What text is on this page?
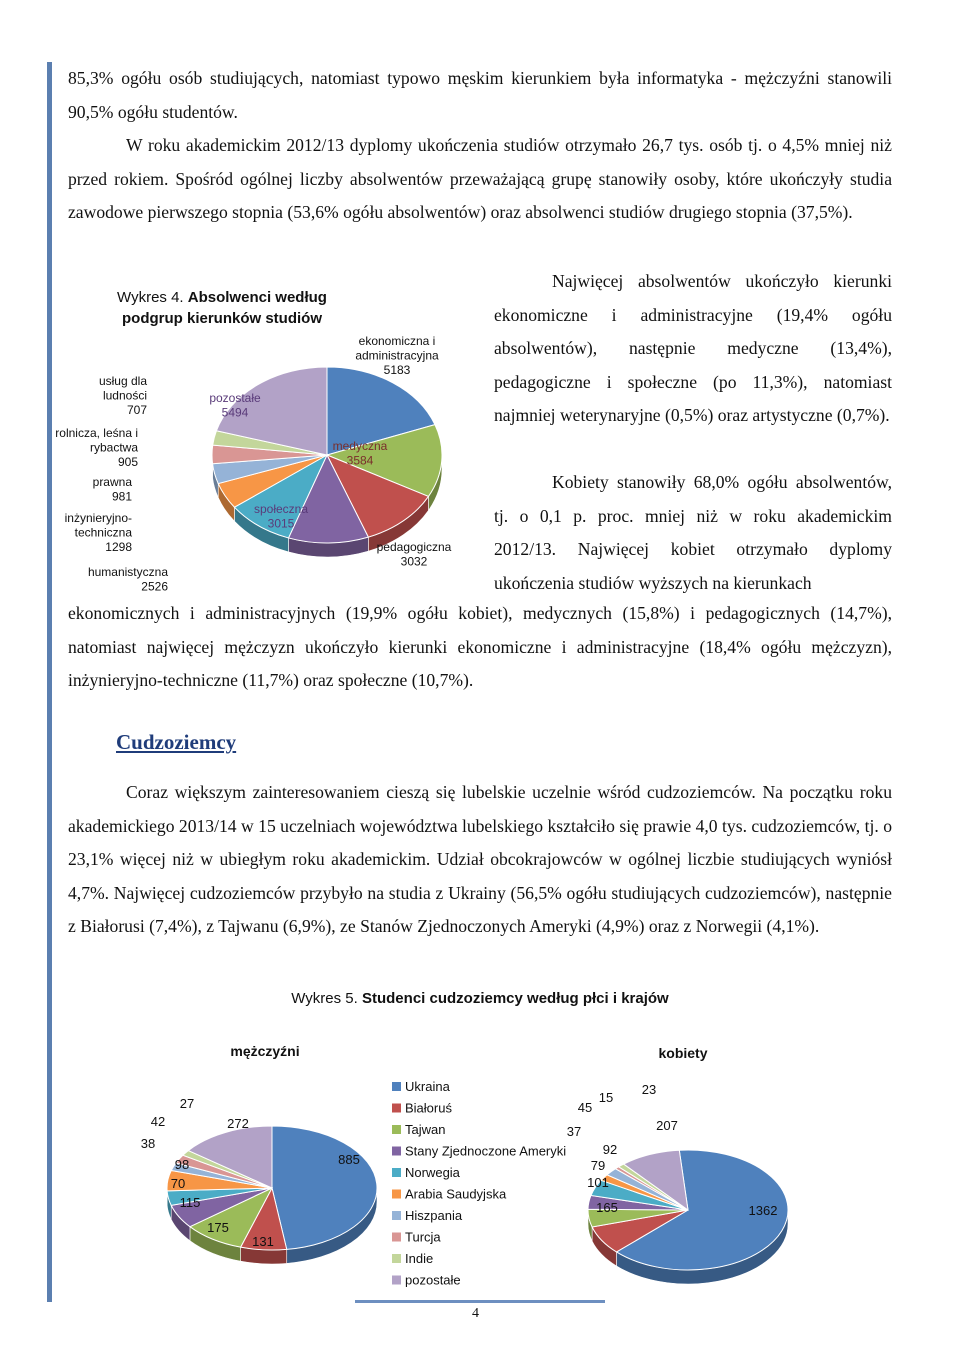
85,3% ogółu osób studiujących, natomiast typowo męskim kierunkiem była informatyka - mężczyźni stanowili 90,5% ogółu studentów.

W roku akademickim 2012/13 dyplomy ukończenia studiów otrzymało 26,7 tys. osób tj. o 4,5% mniej niż przed rokiem. Spośród ogólnej liczby absolwentów przeważającą grupę stanowiły osoby, które ukończyły studia zawodowe pierwszego stopnia (53,6% ogółu absolwentów) oraz absolwenci studiów drugiego stopnia (37,5%).

Najwięcej absolwentów ukończyło kierunki ekonomiczne i administracyjne (19,4% ogółu absolwentów), następnie medyczne (13,4%), pedagogiczne i społeczne (po 11,3%), natomiast najmniej weterynaryjne (0,5%) oraz artystyczne (0,7%).

Kobiety stanowiły 68,0% ogółu absolwentów, tj. o 0,1 p. proc. mniej niż w roku akademickim 2012/13. Najwięcej kobiet otrzymało dyplomy ukończenia studiów wyższych na kierunkach

ekonomicznych i administracyjnych (19,9% ogółu kobiet), medycznych (15,8%) i pedagogicznych (14,7%), natomiast najwięcej mężczyzn ukończyło kierunki ekonomiczne i administracyjne (18,4% ogółu mężczyzn), inżynieryjno-techniczne (11,7%) oraz społeczne (10,7%).

Wykres 4. Absolwenci według podgrup kierunków studiów
ekonomiczna i administracyjna 5183
medyczna 3584
pedagogiczna 3032
społeczna 3015
humanistyczna 2526
inżynieryjno-techniczna 1298
prawna 981
rolnicza, leśna i rybactwa 905
usług dla ludności 707
pozostałe 5494
Cudzoziemcy

Coraz większym zainteresowaniem cieszą się lubelskie uczelnie wśród cudzoziemców. Na początku roku akademickiego 2013/14 w 15 uczelniach województwa lubelskiego kształciło się prawie 4,0 tys. cudzoziemców, tj. o 23,1% więcej niż w ubiegłym roku akademickim. Udział obcokrajowców w ogólnej liczbie studiujących wyniósł 4,7%. Najwięcej cudzoziemców przybyło na studia z Ukrainy (56,5% ogółu studiujących cudzoziemców), następnie z Białorusi (7,4%), z Tajwanu (6,9%), ze Stanów Zjednoczonych Ameryki (4,9%) oraz z Norwegii (4,1%).

Wykres 5. Studenci cudzoziemcy według płci i krajów
mężczyźni	kobiety
885
131
175
115
70
98
38
42
27
272
1362
165
101
79
92
37
45
15
23
207
Ukraina
Białoruś
Tajwan
Stany Zjednoczone Ameryki
Norwegia
Arabia Saudyjska
Hiszpania
Turcja
Indie
pozostałe
4
